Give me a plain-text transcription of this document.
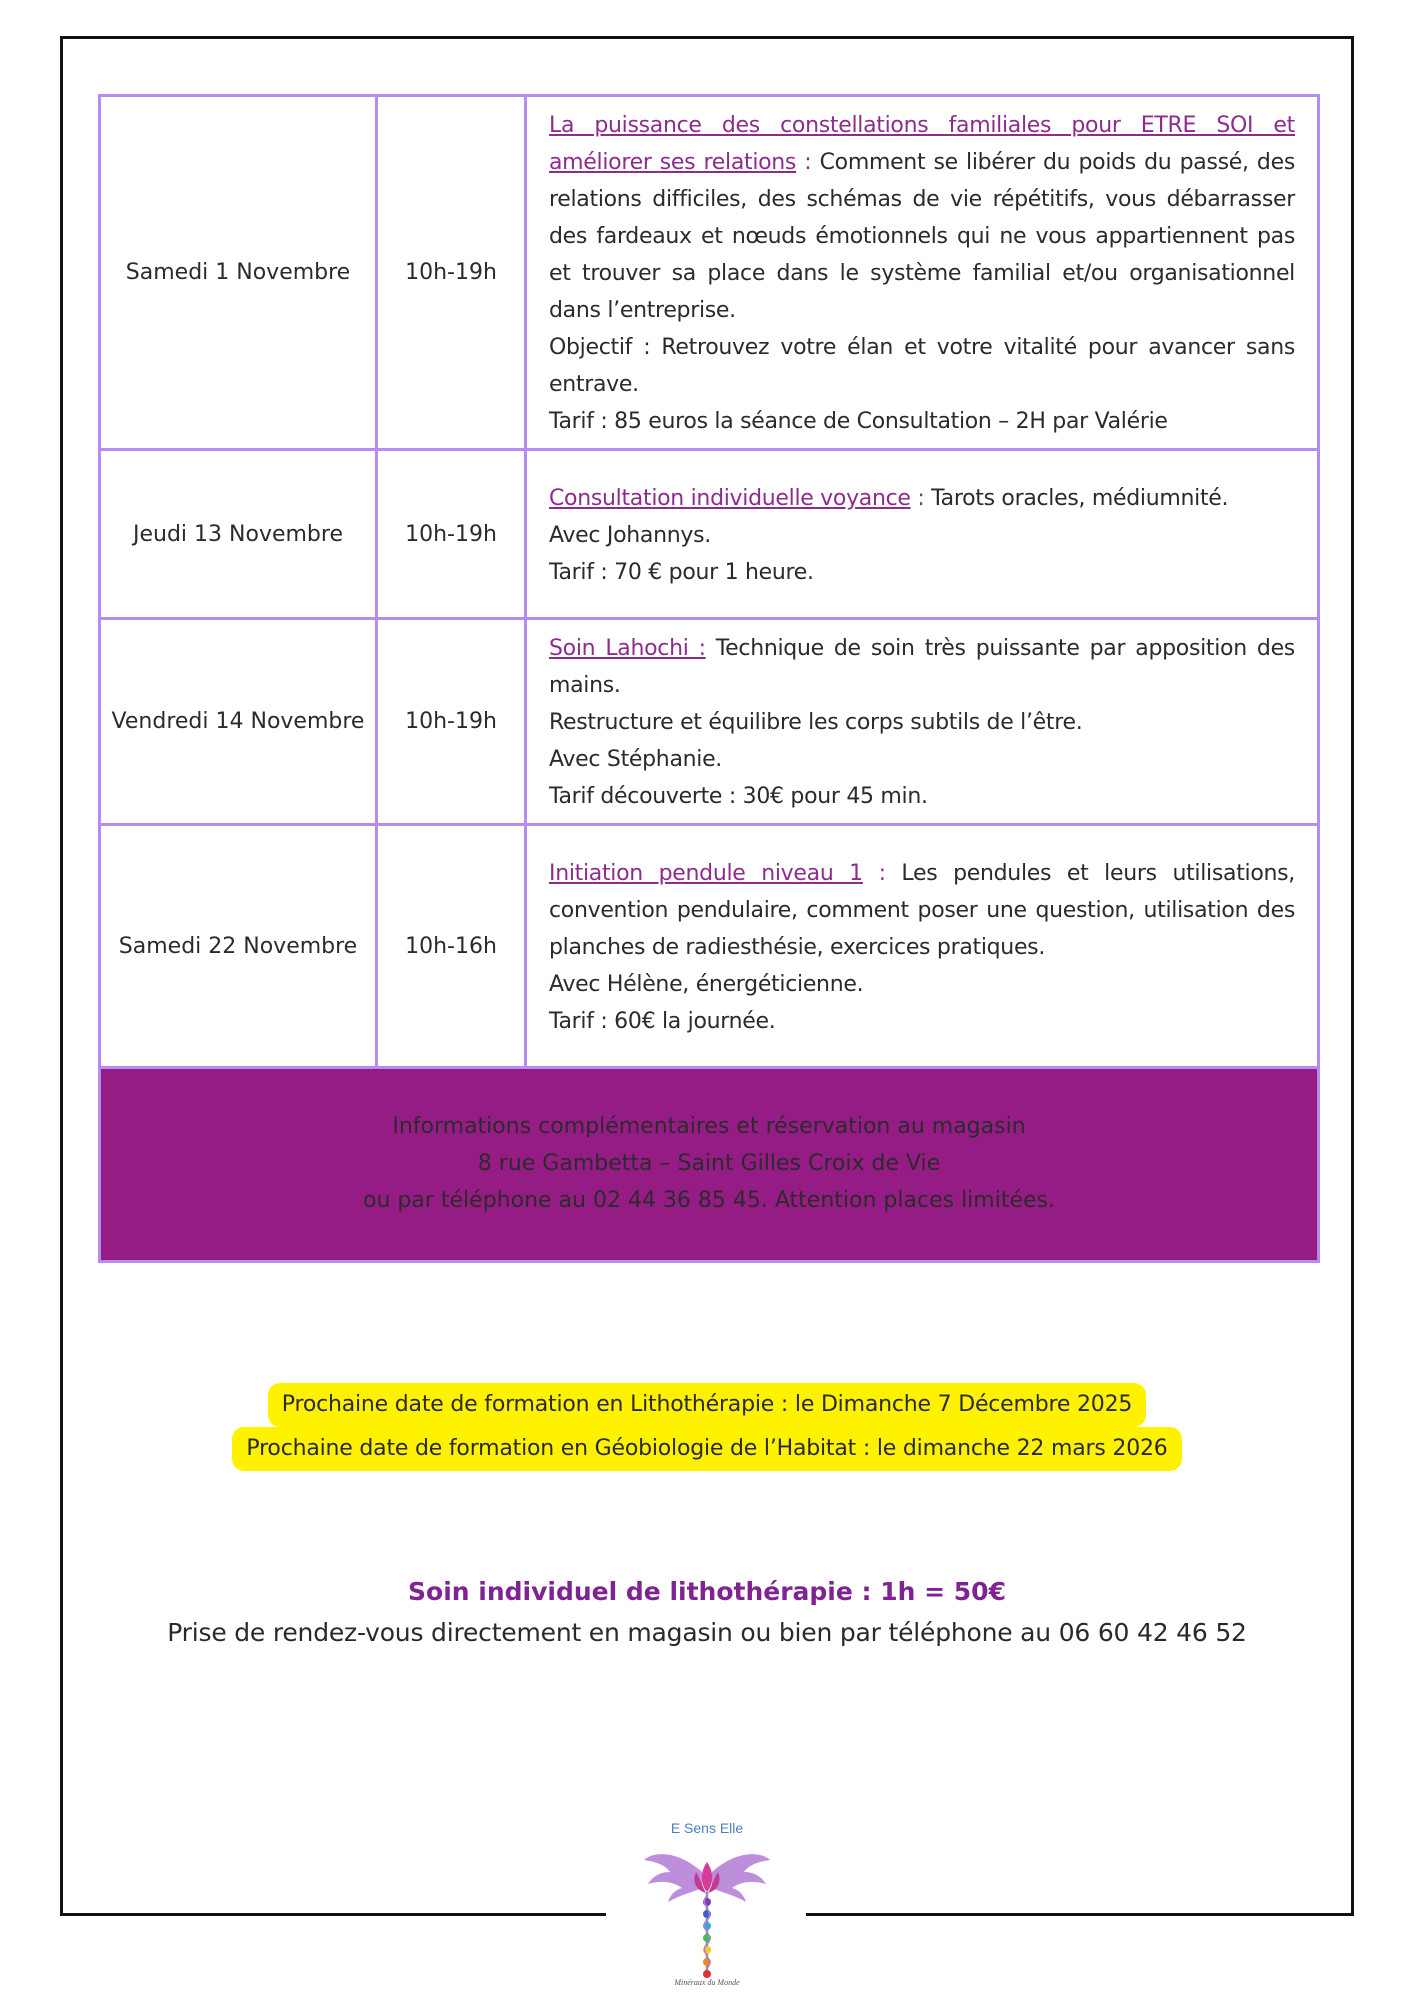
Samedi 1 Novembre	10h-19h	La puissance des constellations familiales pour ETRE SOI et améliorer ses relations : Comment se libérer du poids du passé, des relations difficiles, des schémas de vie répétitifs, vous débarrasser des fardeaux et nœuds émotionnels qui ne vous appartiennent pas et trouver sa place dans le système familial et/ou organisationnel dans l’entreprise.
Objectif : Retrouvez votre élan et votre vitalité pour avancer sans entrave.
Tarif : 85 euros la séance de Consultation – 2H par Valérie
Jeudi 13 Novembre	10h-19h	Consultation individuelle voyance : Tarots oracles, médiumnité.
Avec Johannys.
Tarif : 70 € pour 1 heure.
Vendredi 14 Novembre	10h-19h	Soin Lahochi : Technique de soin très puissante par apposition des mains.
Restructure et équilibre les corps subtils de l’être.
Avec Stéphanie.
Tarif découverte : 30€ pour 45 min.
Samedi 22 Novembre	10h-16h	Initiation pendule niveau 1 : Les pendules et leurs utilisations, convention pendulaire, comment poser une question, utilisation des planches de radiesthésie, exercices pratiques.
Avec Hélène, énergéticienne.
Tarif : 60€ la journée.

Informations complémentaires et réservation au magasin
8 rue Gambetta – Saint Gilles Croix de Vie
ou par téléphone au 02 44 36 85 45. Attention places limitées.		
Prochaine date de formation en Lithothérapie : le Dimanche 7 Décembre 2025
Prochaine date de formation en Géobiologie de l’Habitat : le dimanche 22 mars 2026
Soin individuel de lithothérapie : 1h = 50€
Prise de rendez-vous directement en magasin ou bien par téléphone au 06 60 42 46 52
E Sens Elle
Minéraux du Monde
